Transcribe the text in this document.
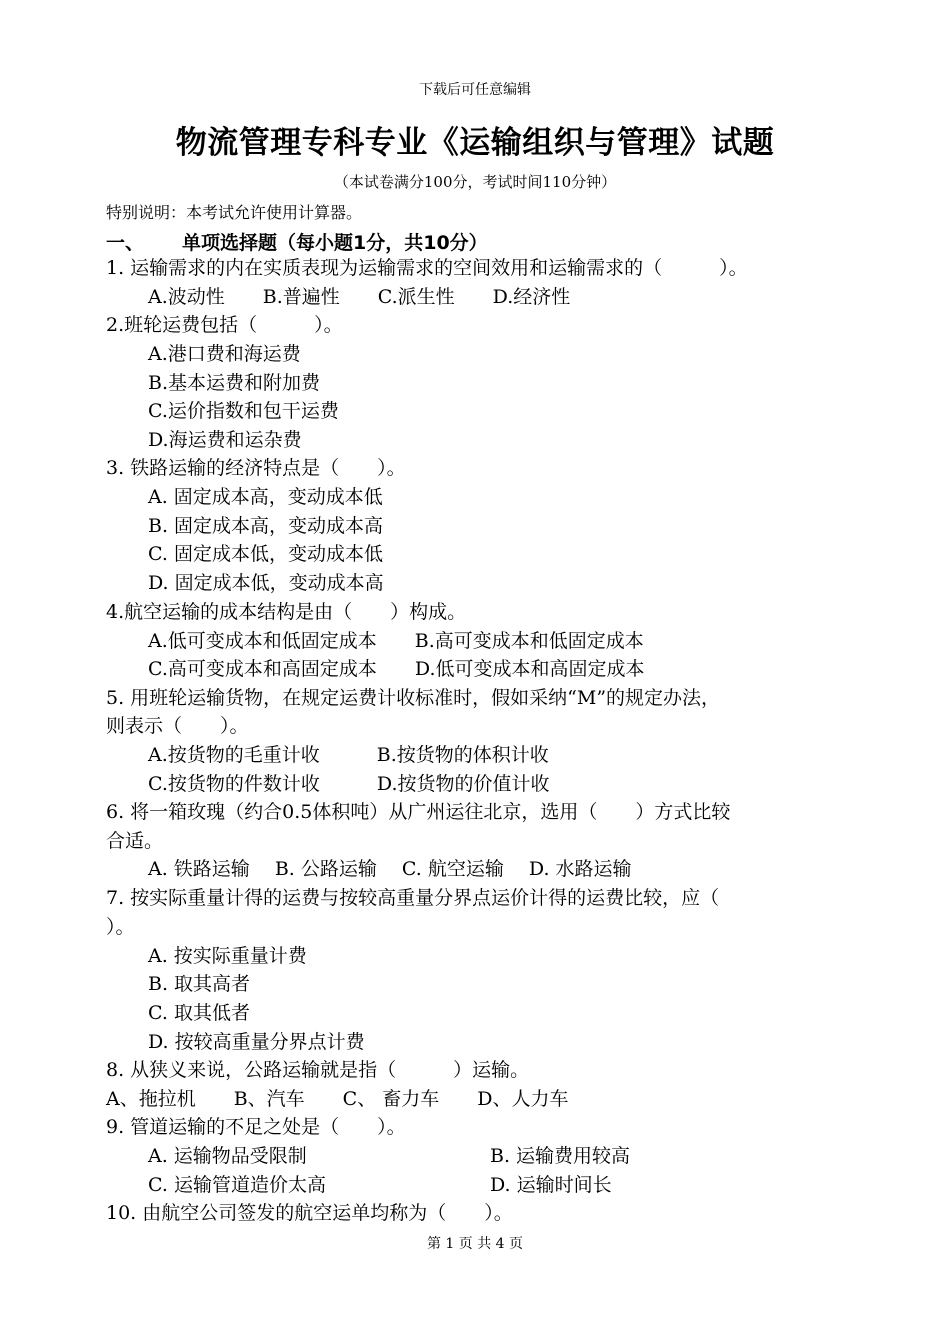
下载后可任意编辑
物流管理专科专业《运输组织与管理》试题
（本试卷满分100分，考试时间110分钟）
特别说明：本考试允许使用计算器。
一、 单项选择题（每小题1分，共10分）
1. 运输需求的内在实质表现为运输需求的空间效用和运输需求的（　　　）。
A.波动性　　B.普遍性　　C.派生性　　D.经济性
2.班轮运费包括（　　　）。
A.港口费和海运费
B.基本运费和附加费
C.运价指数和包干运费
D.海运费和运杂费
3. 铁路运输的经济特点是（　　）。
A. 固定成本高，变动成本低
B. 固定成本高，变动成本高
C. 固定成本低，变动成本低
D. 固定成本低，变动成本高
4.航空运输的成本结构是由（　　）构成。
A.低可变成本和低固定成本　　B.高可变成本和低固定成本
C.高可变成本和高固定成本　　D.低可变成本和高固定成本
5. 用班轮运输货物，在规定运费计收标准时，假如采纳“M”的规定办法，
则表示（　　）。
A.按货物的毛重计收　　　B.按货物的体积计收
C.按货物的件数计收　　　D.按货物的价值计收
6. 将一箱玫瑰（约合0.5体积吨）从广州运往北京，选用（　　）方式比较
合适。
A. 铁路运输　 B. 公路运输　 C. 航空运输　 D. 水路运输
7. 按实际重量计得的运费与按较高重量分界点运价计得的运费比较，应（
）。
A. 按实际重量计费
B. 取其高者
C. 取其低者
D. 按较高重量分界点计费
8. 从狭义来说，公路运输就是指（　　　）运输。
A、拖拉机　　B、汽车　　C、 畜力车　　D、人力车
9. 管道运输的不足之处是（　　）。
A. 运输物品受限制	B. 运输费用较高
C. 运输管道造价太高	D. 运输时间长
10. 由航空公司签发的航空运单均称为（　　）。
第 1 页 共 4 页
